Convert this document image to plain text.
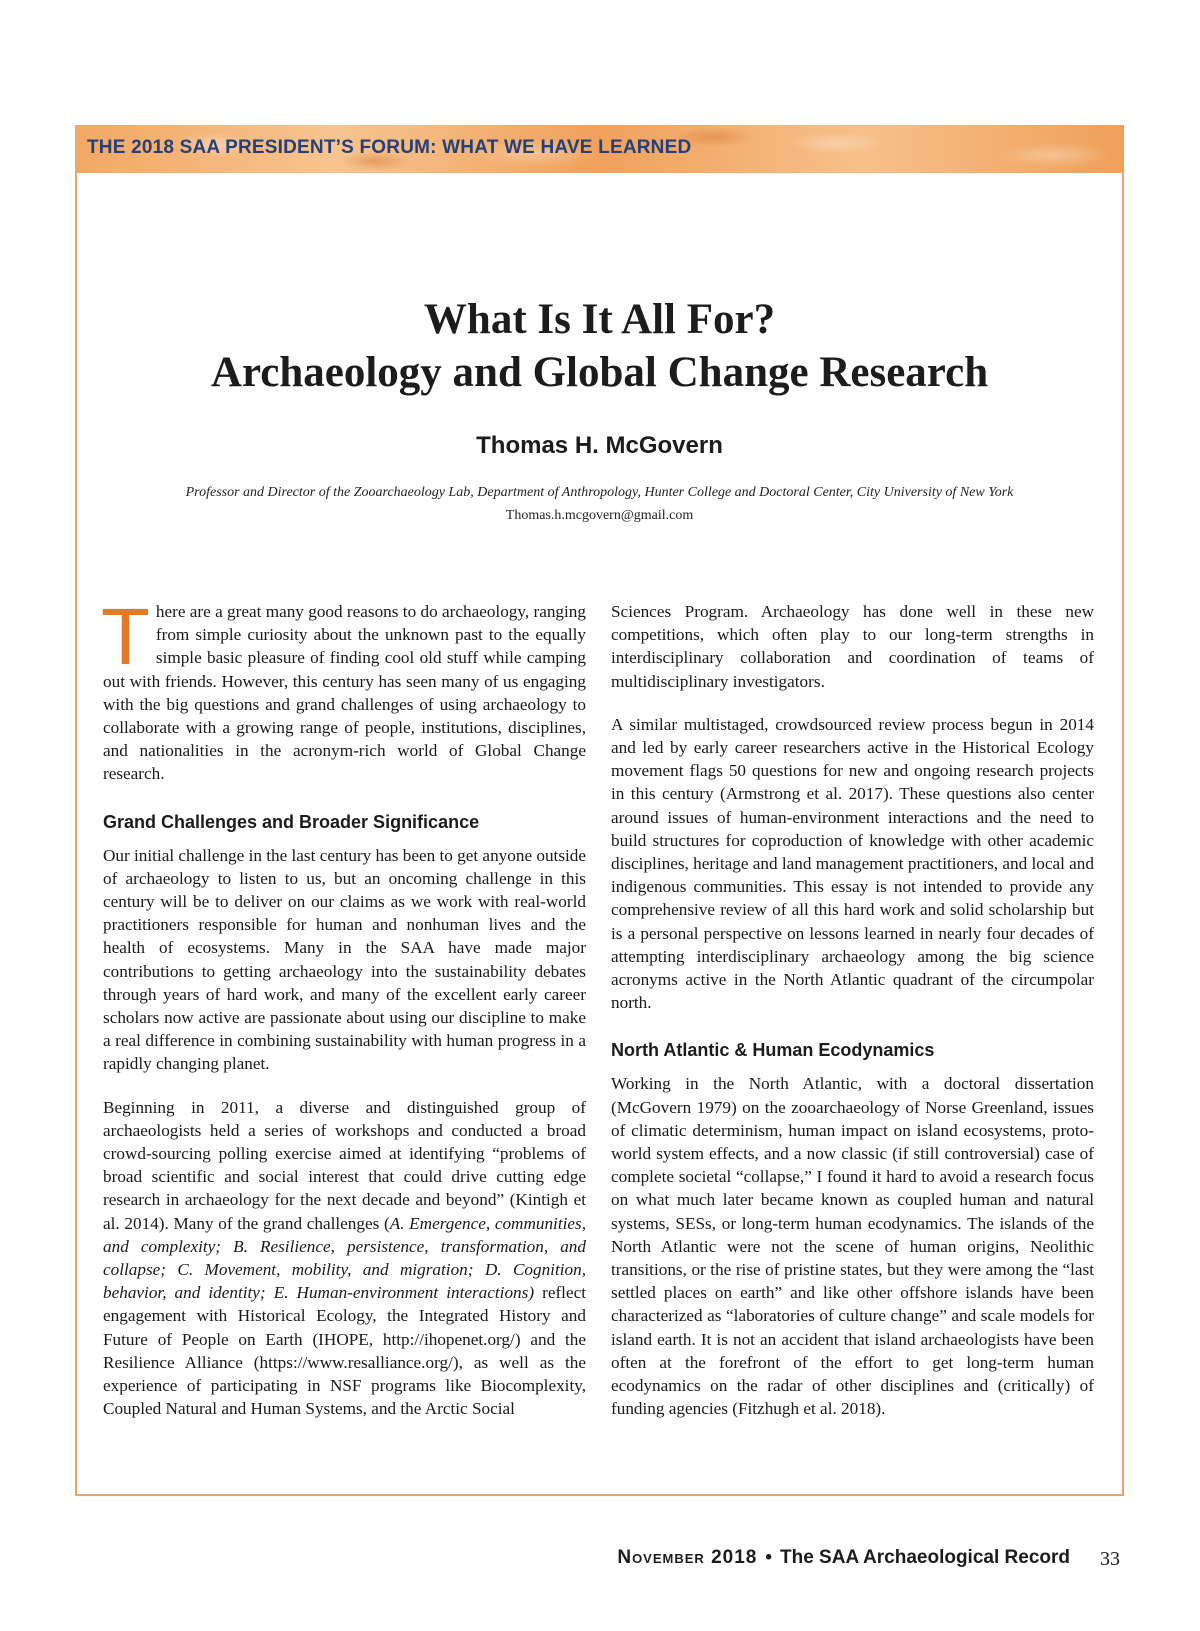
THE 2018 SAA PRESIDENT’S FORUM: WHAT WE HAVE LEARNED
What Is It All For?
Archaeology and Global Change Research
Thomas H. McGovern
Professor and Director of the Zooarchaeology Lab, Department of Anthropology, Hunter College and Doctoral Center, City University of New York
Thomas.h.mcgovern@gmail.com

There are a great many good reasons to do archaeology, ranging from simple curiosity about the unknown past to the equally simple basic pleasure of finding cool old stuff while camping out with friends. However, this century has seen many of us engaging with the big questions and grand challenges of using archaeology to collaborate with a growing range of people, institutions, disciplines, and nationalities in the acronym-rich world of Global Change research.

Grand Challenges and Broader Significance

Our initial challenge in the last century has been to get anyone outside of archaeology to listen to us, but an oncoming challenge in this century will be to deliver on our claims as we work with real-world practitioners responsible for human and nonhuman lives and the health of ecosystems. Many in the SAA have made major contributions to getting archaeology into the sustainability debates through years of hard work, and many of the excellent early career scholars now active are passionate about using our discipline to make a real difference in combining sustainability with human progress in a rapidly changing planet.

Beginning in 2011, a diverse and distinguished group of archaeologists held a series of workshops and conducted a broad crowd-sourcing polling exercise aimed at identifying “problems of broad scientific and social interest that could drive cutting edge research in archaeology for the next decade and beyond” (Kintigh et al. 2014). Many of the grand challenges (A. Emergence, communities, and complexity; B. Resilience, persistence, transformation, and collapse; C. Movement, mobility, and migration; D. Cognition, behavior, and identity; E. Human-environment interactions) reflect engagement with Historical Ecology, the Integrated History and Future of People on Earth (IHOPE, http://ihopenet.org/) and the Resilience Alliance (https://www.resalliance.org/), as well as the experience of participating in NSF programs like Biocomplexity, Coupled Natural and Human Systems, and the Arctic Social

Sciences Program. Archaeology has done well in these new competitions, which often play to our long-term strengths in interdisciplinary collaboration and coordination of teams of multidisciplinary investigators.

A similar multistaged, crowdsourced review process begun in 2014 and led by early career researchers active in the Historical Ecology movement flags 50 questions for new and ongoing research projects in this century (Armstrong et al. 2017). These questions also center around issues of human-environment interactions and the need to build structures for coproduction of knowledge with other academic disciplines, heritage and land management practitioners, and local and indigenous communities. This essay is not intended to provide any comprehensive review of all this hard work and solid scholarship but is a personal perspective on lessons learned in nearly four decades of attempting interdisciplinary archaeology among the big science acronyms active in the North Atlantic quadrant of the circumpolar north.

North Atlantic & Human Ecodynamics

Working in the North Atlantic, with a doctoral dissertation (McGovern 1979) on the zooarchaeology of Norse Greenland, issues of climatic determinism, human impact on island ecosystems, proto-world system effects, and a now classic (if still controversial) case of complete societal “collapse,” I found it hard to avoid a research focus on what much later became known as coupled human and natural systems, SESs, or long-term human ecodynamics. The islands of the North Atlantic were not the scene of human origins, Neolithic transitions, or the rise of pristine states, but they were among the “last settled places on earth” and like other offshore islands have been characterized as “laboratories of culture change” and scale models for island earth. It is not an accident that island archaeologists have been often at the forefront of the effort to get long-term human ecodynamics on the radar of other disciplines and (critically) of funding agencies (Fitzhugh et al. 2018).

November 2018 • The SAA Archaeological Record 33
